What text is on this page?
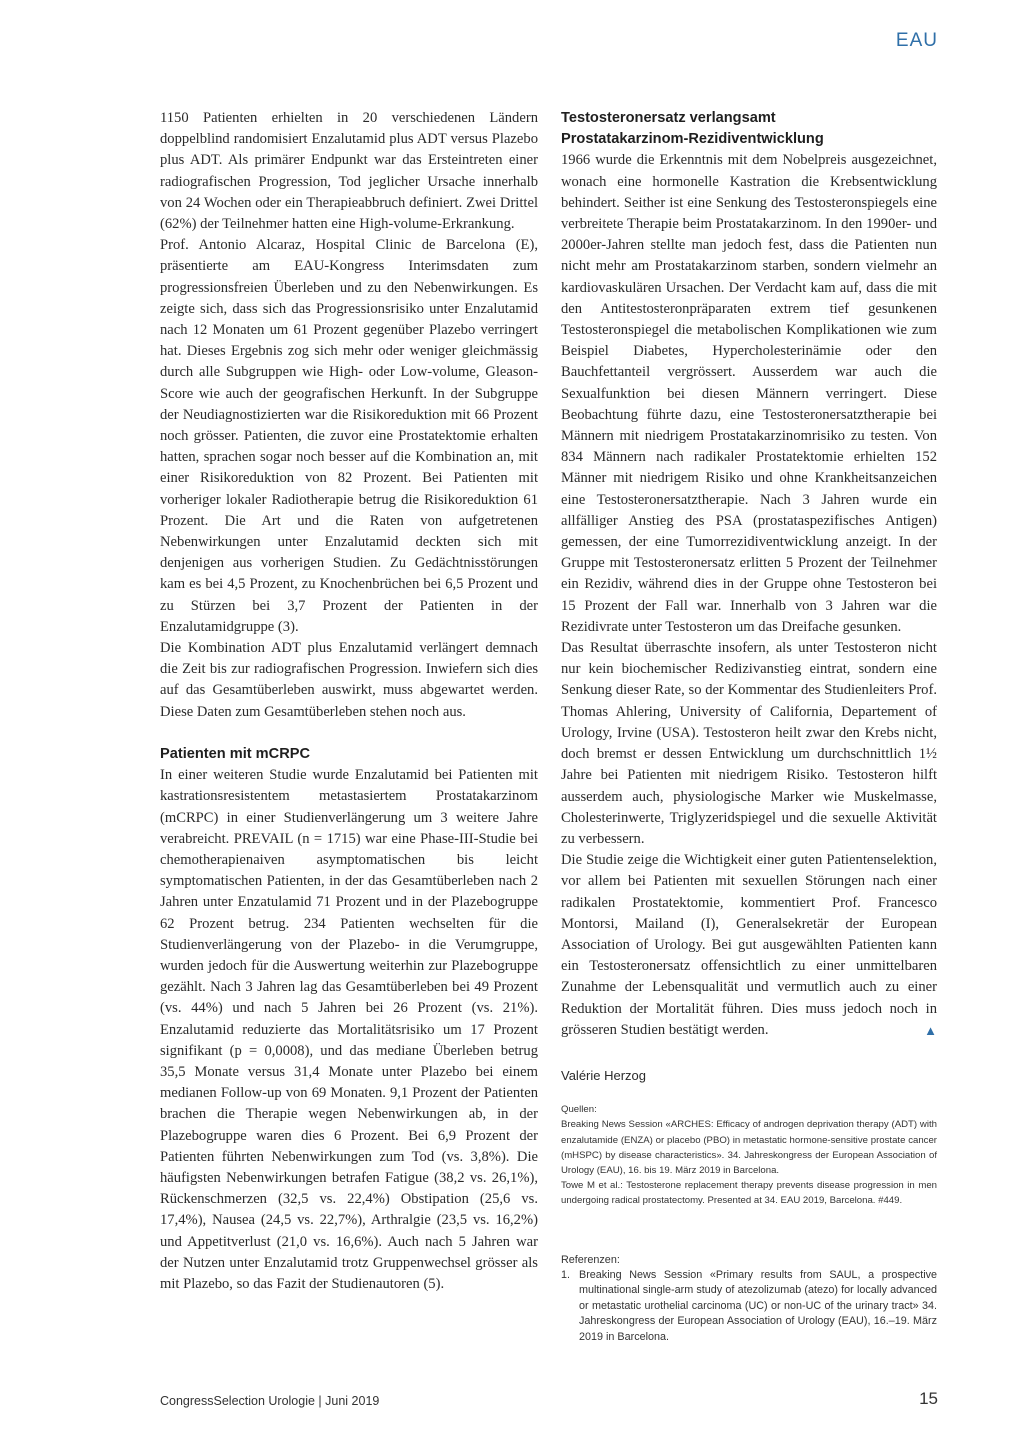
EAU

1150 Patienten erhielten in 20 verschiedenen Ländern doppelblind randomisiert Enzalutamid plus ADT versus Plazebo plus ADT. Als primärer Endpunkt war das Ersteintreten einer radiografischen Progression, Tod jeglicher Ursache innerhalb von 24 Wochen oder ein Therapieabbruch definiert. Zwei Drittel (62%) der Teilnehmer hatten eine High-volume-Erkrankung.

Prof. Antonio Alcaraz, Hospital Clinic de Barcelona (E), präsentierte am EAU-Kongress Interimsdaten zum progressionsfreien Überleben und zu den Nebenwirkungen. Es zeigte sich, dass sich das Progressionsrisiko unter Enzalutamid nach 12 Monaten um 61 Prozent gegenüber Plazebo verringert hat. Dieses Ergebnis zog sich mehr oder weniger gleichmässig durch alle Subgruppen wie High- oder Low-volume, Gleason-Score wie auch der geografischen Herkunft. In der Subgruppe der Neudiagnostizierten war die Risikoreduktion mit 66 Prozent noch grösser. Patienten, die zuvor eine Prostatektomie erhalten hatten, sprachen sogar noch besser auf die Kombination an, mit einer Risikoreduktion von 82 Prozent. Bei Patienten mit vorheriger lokaler Radiotherapie betrug die Risikoreduktion 61 Prozent. Die Art und die Raten von aufgetretenen Nebenwirkungen unter Enzalutamid deckten sich mit denjenigen aus vorherigen Studien. Zu Gedächtnisstörungen kam es bei 4,5 Prozent, zu Knochenbrüchen bei 6,5 Prozent und zu Stürzen bei 3,7 Prozent der Patienten in der Enzalutamidgruppe (3).

Die Kombination ADT plus Enzalutamid verlängert demnach die Zeit bis zur radiografischen Progression. Inwiefern sich dies auf das Gesamtüberleben auswirkt, muss abgewartet werden. Diese Daten zum Gesamtüberleben stehen noch aus.

Patienten mit mCRPC

In einer weiteren Studie wurde Enzalutamid bei Patienten mit kastrationsresistentem metastasiertem Prostatakarzinom (mCRPC) in einer Studienverlängerung um 3 weitere Jahre verabreicht. PREVAIL (n = 1715) war eine Phase-III-Studie bei chemotherapienaiven asymptomatischen bis leicht symptomatischen Patienten, in der das Gesamtüberleben nach 2 Jahren unter Enzatulamid 71 Prozent und in der Plazebogruppe 62 Prozent betrug. 234 Patienten wechselten für die Studienverlängerung von der Plazebo- in die Verumgruppe, wurden jedoch für die Auswertung weiterhin zur Plazebogruppe gezählt. Nach 3 Jahren lag das Gesamtüberleben bei 49 Prozent (vs. 44%) und nach 5 Jahren bei 26 Prozent (vs. 21%). Enzalutamid reduzierte das Mortalitätsrisiko um 17 Prozent signifikant (p = 0,0008), und das mediane Überleben betrug 35,5 Monate versus 31,4 Monate unter Plazebo bei einem medianen Follow-up von 69 Monaten. 9,1 Prozent der Patienten brachen die Therapie wegen Nebenwirkungen ab, in der Plazebogruppe waren dies 6 Prozent. Bei 6,9 Prozent der Patienten führten Nebenwirkungen zum Tod (vs. 3,8%). Die häufigsten Nebenwirkungen betrafen Fatigue (38,2 vs. 26,1%), Rückenschmerzen (32,5 vs. 22,4%) Obstipation (25,6 vs. 17,4%), Nausea (24,5 vs. 22,7%), Arthralgie (23,5 vs. 16,2%) und Appetitverlust (21,0 vs. 16,6%). Auch nach 5 Jahren war der Nutzen unter Enzalutamid trotz Gruppenwechsel grösser als mit Plazebo, so das Fazit der Studienautoren (5).

Testosteronersatz verlangsamt
Prostatakarzinom-Rezidiventwicklung

1966 wurde die Erkenntnis mit dem Nobelpreis ausgezeichnet, wonach eine hormonelle Kastration die Krebsentwicklung behindert. Seither ist eine Senkung des Testosteronspiegels eine verbreitete Therapie beim Prostatakarzinom. In den 1990er- und 2000er-Jahren stellte man jedoch fest, dass die Patienten nun nicht mehr am Prostatakarzinom starben, sondern vielmehr an kardiovaskulären Ursachen. Der Verdacht kam auf, dass die mit den Antitestosteronpräparaten extrem tief gesunkenen Testosteronspiegel die metabolischen Komplikationen wie zum Beispiel Diabetes, Hypercholesterinämie oder den Bauchfettanteil vergrössert. Ausserdem war auch die Sexualfunktion bei diesen Männern verringert. Diese Beobachtung führte dazu, eine Testosteronersatztherapie bei Männern mit niedrigem Prostatakarzinomrisiko zu testen. Von 834 Männern nach radikaler Prostatektomie erhielten 152 Männer mit niedrigem Risiko und ohne Krankheitsanzeichen eine Testosteronersatztherapie. Nach 3 Jahren wurde ein allfälliger Anstieg des PSA (prostataspezifisches Antigen) gemessen, der eine Tumorrezidiventwicklung anzeigt. In der Gruppe mit Testosteronersatz erlitten 5 Prozent der Teilnehmer ein Rezidiv, während dies in der Gruppe ohne Testosteron bei 15 Prozent der Fall war. Innerhalb von 3 Jahren war die Rezidivrate unter Testosteron um das Dreifache gesunken.

Das Resultat überraschte insofern, als unter Testosteron nicht nur kein biochemischer Redizivanstieg eintrat, sondern eine Senkung dieser Rate, so der Kommentar des Studienleiters Prof. Thomas Ahlering, University of California, Departement of Urology, Irvine (USA). Testosteron heilt zwar den Krebs nicht, doch bremst er dessen Entwicklung um durchschnittlich 1½ Jahre bei Patienten mit niedrigem Risiko. Testosteron hilft ausserdem auch, physiologische Marker wie Muskelmasse, Cholesterinwerte, Triglyzeridspiegel und die sexuelle Aktivität zu verbessern.

Die Studie zeige die Wichtigkeit einer guten Patientenselektion, vor allem bei Patienten mit sexuellen Störungen nach einer radikalen Prostatektomie, kommentiert Prof. Francesco Montorsi, Mailand (I), Generalsekretär der European Association of Urology. Bei gut ausgewählten Patienten kann ein Testosteronersatz offensichtlich zu einer unmittelbaren Zunahme der Lebensqualität und vermutlich auch zu einer Reduktion der Mortalität führen. Dies muss jedoch noch in grösseren Studien bestätigt werden.	▲

Valérie Herzog

Quellen:

Breaking News Session «ARCHES: Efficacy of androgen deprivation therapy (ADT) with enzalutamide (ENZA) or placebo (PBO) in metastatic hormone-sensitive prostate cancer (mHSPC) by disease characteristics». 34. Jahreskongress der European Association of Urology (EAU), 16. bis 19. März 2019 in Barcelona.

Towe M et al.: Testosterone replacement therapy prevents disease progression in men undergoing radical prostatectomy. Presented at 34. EAU 2019, Barcelona. #449.

Referenzen:

1. Breaking News Session «Primary results from SAUL, a prospective multinational single-arm study of atezolizumab (atezo) for locally advanced or metastatic urothelial carcinoma (UC) or non-UC of the urinary tract» 34. Jahreskongress der European Association of Urology (EAU), 16.–19. März 2019 in Barcelona.
CongressSelection Urologie | Juni 2019	15
